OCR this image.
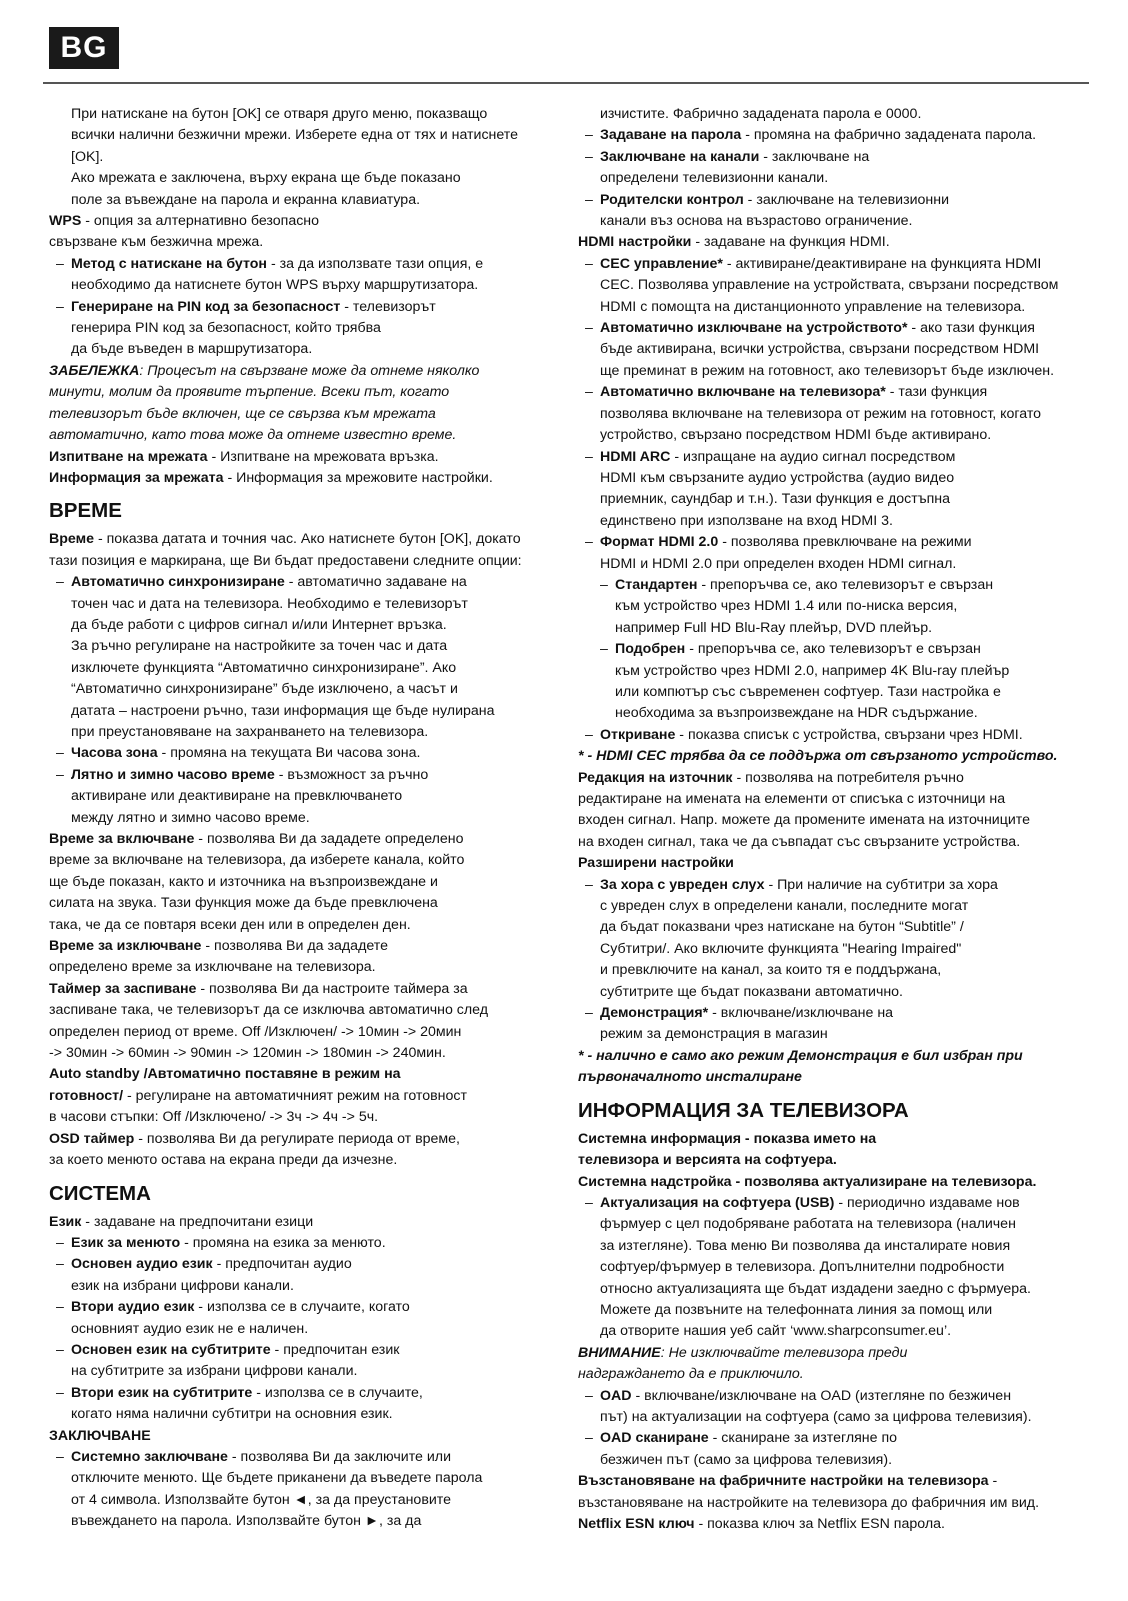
BG

При натискане на бутон [OK] се отваря друго меню, показващо

всички налични безжични мрежи. Изберете една от тях и натиснете

[OK].

Ако мрежата е заключена, върху екрана ще бъде показано

поле за въвеждане на парола и екранна клавиатура.

WPS - опция за алтернативно безопасно

свързване към безжична мрежа.

– Метод с натискане на бутон - за да използвате тази опция, е

необходимо да натиснете бутон WPS върху маршрутизатора.

– Генериране на PIN код за безопасност - телевизорът

генерира PIN код за безопасност, който трябва

да бъде въведен в маршрутизатора.

ЗАБЕЛЕЖКА: Процесът на свързване може да отнеме няколко

минути, молим да проявите търпение. Всеки път, когато

телевизорът бъде включен, ще се свързва към мрежата

автоматично, като това може да отнеме известно време.

Изпитване на мрежата - Изпитване на мрежовата връзка.

Информация за мрежата - Информация за мрежовите настройки.

ВРЕМЕ

Време - показва датата и точния час. Ако натиснете бутон [OK], докато

тази позиция е маркирана, ще Ви бъдат предоставени следните опции:

– Автоматично синхронизиране - автоматично задаване на

точен час и дата на телевизора. Необходимо е телевизорът

да бъде работи с цифров сигнал и/или Интернет връзка.

За ръчно регулиране на настройките за точен час и дата

изключете функцията “Автоматично синхронизиране”. Ако

“Автоматично синхронизиране” бъде изключено, а часът и

датата – настроени ръчно, тази информация ще бъде нулирана

при преустановяване на захранването на телевизора.

– Часова зона - промяна на текущата Ви часова зона.

– Лятно и зимно часово време - възможност за ръчно

активиране или деактивиране на превключването

между лятно и зимно часово време.

Време за включване - позволява Ви да зададете определено

време за включване на телевизора, да изберете канала, който

ще бъде показан, както и източника на възпроизвеждане и

силата на звука. Тази функция може да бъде превключена

така, че да се повтаря всеки ден или в определен ден.

Време за изключване - позволява Ви да зададете

определено време за изключване на телевизора.

Таймер за заспиване - позволява Ви да настроите таймера за

заспиване така, че телевизорът да се изключва автоматично след

определен период от време. Off /Изключен/ -> 10мин -> 20мин

-> 30мин -> 60мин -> 90мин -> 120мин -> 180мин -> 240мин.

Auto standby /Автоматично поставяне в режим на

готовност/ - регулиране на автоматичният режим на готовност

в часови стъпки: Off /Изключено/ -> 3ч -> 4ч -> 5ч.

OSD таймер - позволява Ви да регулирате периода от време,

за което менюто остава на екрана преди да изчезне.

СИСТЕМА

Език - задаване на предпочитани езици

– Език за менюто - промяна на езика за менюто.

– Основен аудио език - предпочитан аудио

език на избрани цифрови канали.

– Втори аудио език - използва се в случаите, когато

основният аудио език не е наличен.

– Основен език на субтитрите - предпочитан език

на субтитрите за избрани цифрови канали.

– Втори език на субтитрите - използва се в случаите,

когато няма налични субтитри на основния език.

ЗАКЛЮЧВАНЕ

– Системно заключване - позволява Ви да заключите или

отключите менюто. Ще бъдете приканени да въведете парола

от 4 символа. Използвайте бутон ◄, за да преустановите

въвеждането на парола. Използвайте бутон ►, за да

изчистите. Фабрично зададената парола е 0000.

– Задаване на парола - промяна на фабрично зададената парола.

– Заключване на канали - заключване на

определени телевизионни канали.

– Родителски контрол - заключване на телевизионни

канали въз основа на възрастово ограничение.

HDMI настройки - задаване на функция HDMI.

– CEC управление* - активиране/деактивиране на функцията HDMI

CEC. Позволява управление на устройствата, свързани посредством

HDMI с помощта на дистанционното управление на телевизора.

– Автоматично изключване на устройството* - ако тази функция

бъде активирана, всички устройства, свързани посредством HDMI

ще преминат в режим на готовност, ако телевизорът бъде изключен.

– Автоматично включване на телевизора* - тази функция

позволява включване на телевизора от режим на готовност, когато

устройство, свързано посредством HDMI бъде активирано.

– HDMI ARC - изпращане на аудио сигнал посредством

HDMI към свързаните аудио устройства (аудио видео

приемник, саундбар и т.н.). Тази функция е достъпна

единствено при използване на вход HDMI 3.

– Формат HDMI 2.0 - позволява превключване на режими

HDMI и HDMI 2.0 при определен входен HDMI сигнал.

– Стандартен - препоръчва се, ако телевизорът е свързан

към устройство чрез HDMI 1.4 или по-ниска версия,

например Full HD Blu-Ray плейър, DVD плейър.

– Подобрен - препоръчва се, ако телевизорът е свързан

към устройство чрез HDMI 2.0, например 4K Blu-ray плейър

или компютър със съвременен софтуер. Тази настройка е

необходима за възпроизвеждане на HDR съдържание.

– Откриване - показва списък с устройства, свързани чрез HDMI.

* - HDMI CEC трябва да се поддържа от свързаното устройство.

Редакция на източник - позволява на потребителя ръчно

редактиране на имената на елементи от списъка с източници на

входен сигнал. Напр. можете да промените имената на източниците

на входен сигнал, така че да съвпадат със свързаните устройства.

Разширени настройки

– За хора с увреден слух - При наличие на субтитри за хора

с увреден слух в определени канали, последните могат

да бъдат показвани чрез натискане на бутон “Subtitle” /

Субтитри/. Ако включите функцията "Hearing Impaired"

и превключите на канал, за които тя е поддържана,

субтитрите ще бъдат показвани автоматично.

– Демонстрация* - включване/изключване на

режим за демонстрация в магазин

* - налично е само ако режим Демонстрация е бил избран при

първоначалното инсталиране

ИНФОРМАЦИЯ ЗА ТЕЛЕВИЗОРА

Системна информация - показва името на

телевизора и версията на софтуера.

Системна надстройка - позволява актуализиране на телевизора.

– Актуализация на софтуера (USB) - периодично издаваме нов

фърмуер с цел подобряване работата на телевизора (наличен

за изтегляне). Това меню Ви позволява да инсталирате новия

софтуер/фърмуер в телевизора. Допълнителни подробности

относно актуализацията ще бъдат издадени заедно с фърмуера.

Можете да позвъните на телефонната линия за помощ или

да отворите нашия уеб сайт ‘www.sharpconsumer.eu’.

ВНИМАНИЕ: Не изключвайте телевизора преди

надграждането да е приключило.

– OAD - включване/изключване на OAD (изтегляне по безжичен

път) на актуализации на софтуера (само за цифрова телевизия).

– OAD сканиране - сканиране за изтегляне по

безжичен път (само за цифрова телевизия).

Възстановяване на фабричните настройки на телевизора -

възстановяване на настройките на телевизора до фабричния им вид.

Netflix ESN ключ - показва ключ за Netflix ESN парола.
